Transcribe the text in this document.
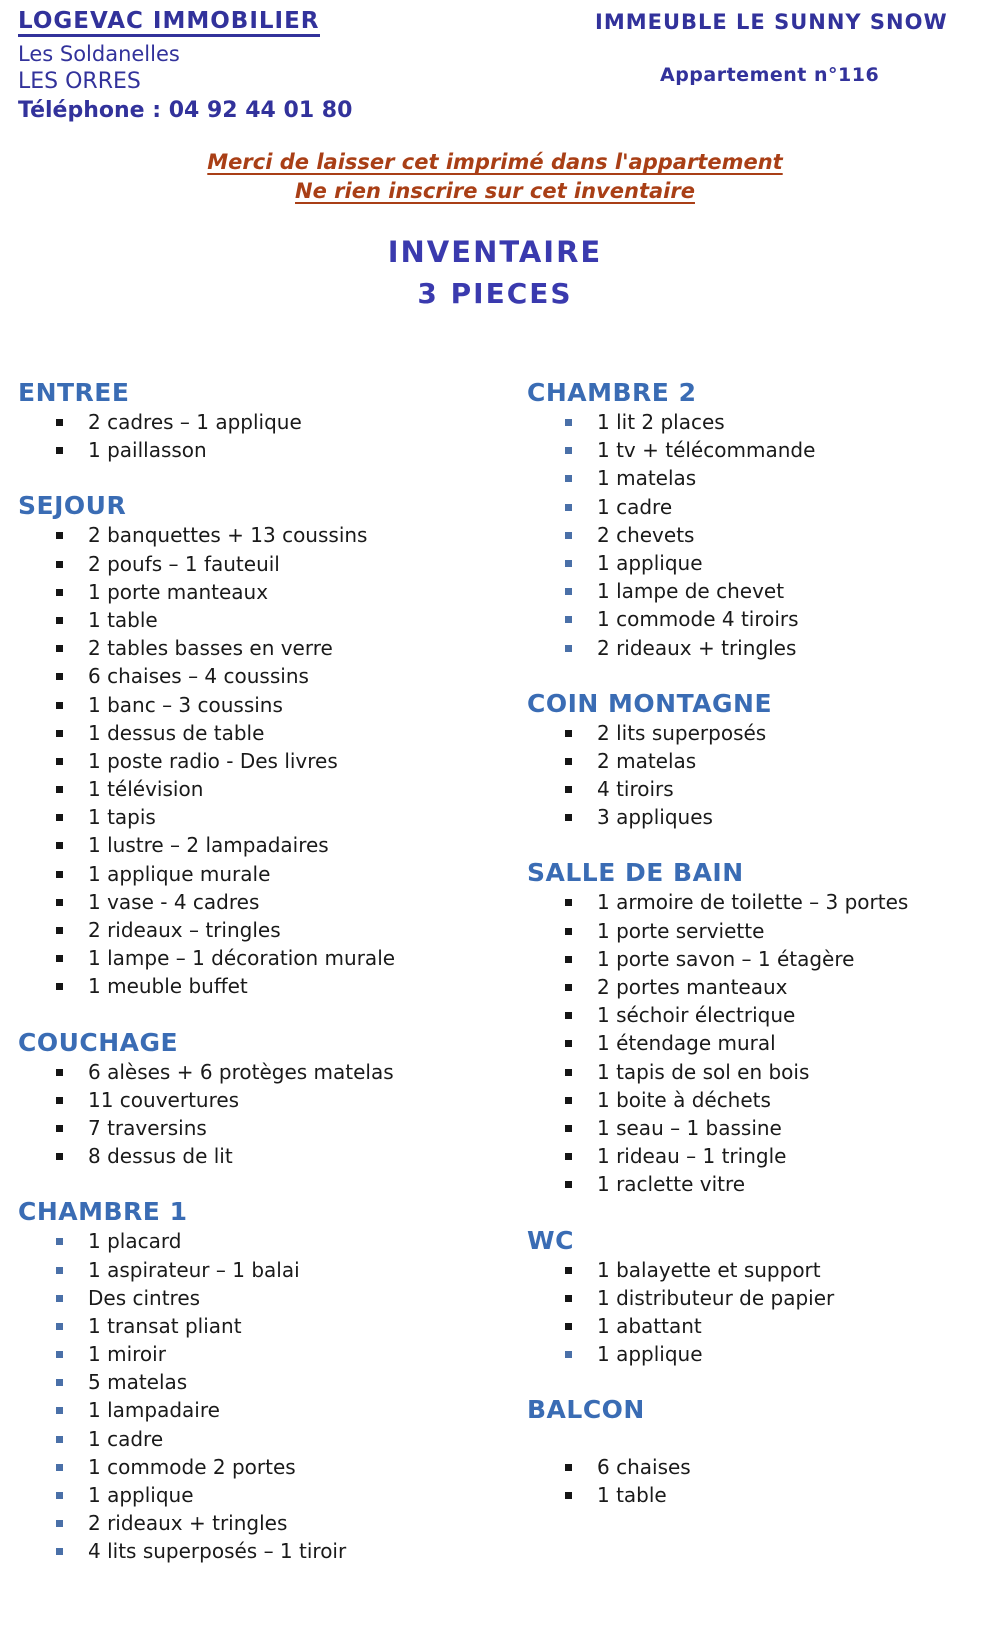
LOGEVAC IMMOBILIER
Les Soldanelles
LES ORRES
Téléphone : 04 92 44 01 80
IMMEUBLE LE SUNNY SNOW
Appartement n°116
Merci de laisser cet imprimé dans l'appartement
Ne rien inscrire sur cet inventaire
INVENTAIRE
3 PIECES
ENTREE
2 cadres – 1 applique
1 paillasson
SEJOUR
2 banquettes + 13 coussins
2 poufs – 1 fauteuil
1 porte manteaux
1 table
2 tables basses en verre
6 chaises – 4 coussins
1 banc – 3 coussins
1 dessus de table
1 poste radio - Des livres
1 télévision
1 tapis
1 lustre – 2 lampadaires
1 applique murale
1 vase - 4 cadres
2 rideaux – tringles
1 lampe – 1 décoration murale
1 meuble buffet
COUCHAGE
6 alèses + 6 protèges matelas
11 couvertures
7 traversins
8 dessus de lit
CHAMBRE 1
1 placard
1 aspirateur – 1 balai
Des cintres
1 transat pliant
1 miroir
5 matelas
1 lampadaire
1 cadre
1 commode 2 portes
1 applique
2 rideaux + tringles
4 lits superposés – 1 tiroir
CHAMBRE 2
1 lit 2 places
1 tv + télécommande
1 matelas
1 cadre
2 chevets
1 applique
1 lampe de chevet
1 commode 4 tiroirs
2 rideaux + tringles
COIN MONTAGNE
2 lits superposés
2 matelas
4 tiroirs
3 appliques
SALLE DE BAIN
1 armoire de toilette – 3 portes
1 porte serviette
1 porte savon – 1 étagère
2 portes manteaux
1 séchoir électrique
1 étendage mural
1 tapis de sol en bois
1 boite à déchets
1 seau – 1 bassine
1 rideau – 1 tringle
1 raclette vitre
WC
1 balayette et support
1 distributeur de papier
1 abattant
1 applique
BALCON
6 chaises
1 table
